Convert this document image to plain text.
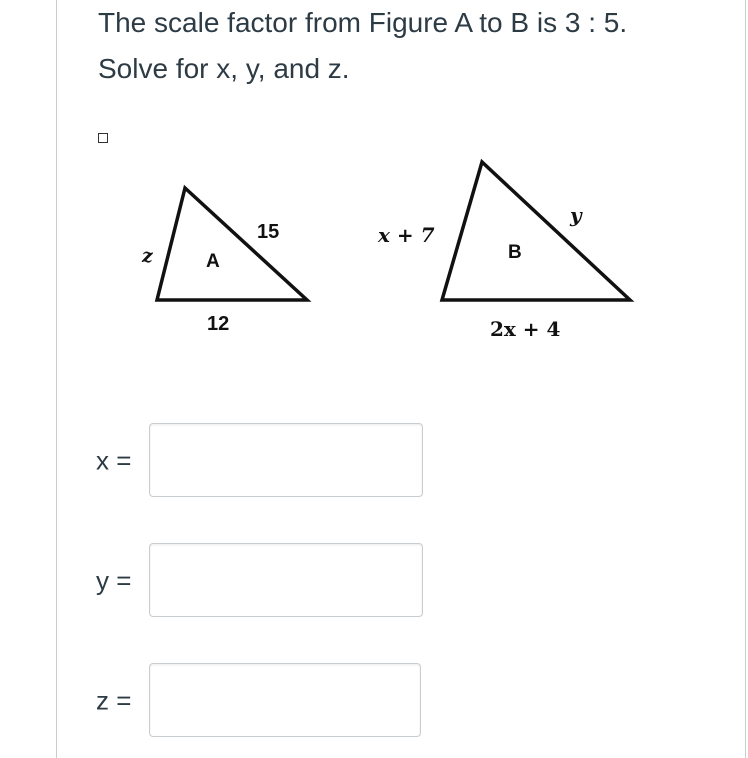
The scale factor from Figure A to B is 3 : 5. Solve for x, y, and z.

z	A
15
12
x + 7
B
y
2x + 4
x =
y =
z =
